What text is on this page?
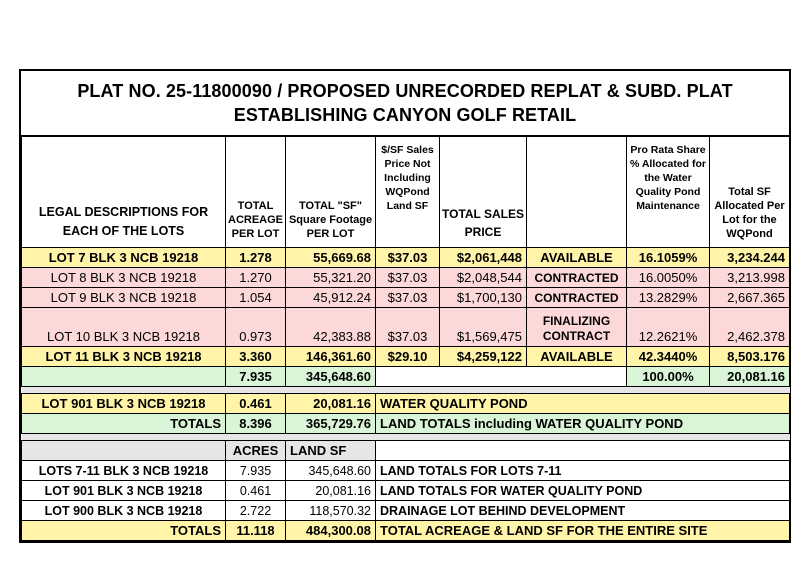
PLAT NO. 25-11800090 / PROPOSED UNRECORDED REPLAT & SUBD. PLAT
ESTABLISHING CANYON GOLF RETAIL
LEGAL DESCRIPTIONS FOR EACH OF THE LOTS	TOTAL ACREAGE PER LOT	TOTAL "SF" Square Footage PER LOT	$/SF Sales Price Not Including WQPond Land SF	TOTAL SALES PRICE		Pro Rata Share % Allocated for the Water Quality Pond Maintenance	Total SF Allocated Per Lot for the WQPond
LOT 7 BLK 3 NCB 19218	1.278	55,669.68	$37.03	$2,061,448	AVAILABLE	16.1059%	3,234.244
LOT 8 BLK 3 NCB 19218	1.270	55,321.20	$37.03	$2,048,544	CONTRACTED	16.0050%	3,213.998
LOT 9 BLK 3 NCB 19218	1.054	45,912.24	$37.03	$1,700,130	CONTRACTED	13.2829%	2,667.365
LOT 10 BLK 3 NCB 19218	0.973	42,383.88	$37.03	$1,569,475	FINALIZING
CONTRACT	12.2621%	2,462.378
LOT 11 BLK 3 NCB 19218	3.360	146,361.60	$29.10	$4,259,122	AVAILABLE	42.3440%	8,503.176
	7.935	345,648.60				100.00%	20,081.16

LOT 901 BLK 3 NCB 19218	0.461	20,081.16	WATER QUALITY POND				
TOTALS	8.396	365,729.76	LAND TOTALS including WATER QUALITY POND				

	ACRES	LAND SF					
LOTS 7-11 BLK 3 NCB 19218	7.935	345,648.60	LAND TOTALS FOR LOTS 7-11				
LOT 901 BLK 3 NCB 19218	0.461	20,081.16	LAND TOTALS FOR WATER QUALITY POND				
LOT 900 BLK 3 NCB 19218	2.722	118,570.32	DRAINAGE LOT BEHIND DEVELOPMENT				
TOTALS	11.118	484,300.08	TOTAL ACREAGE & LAND SF FOR THE ENTIRE SITE				
